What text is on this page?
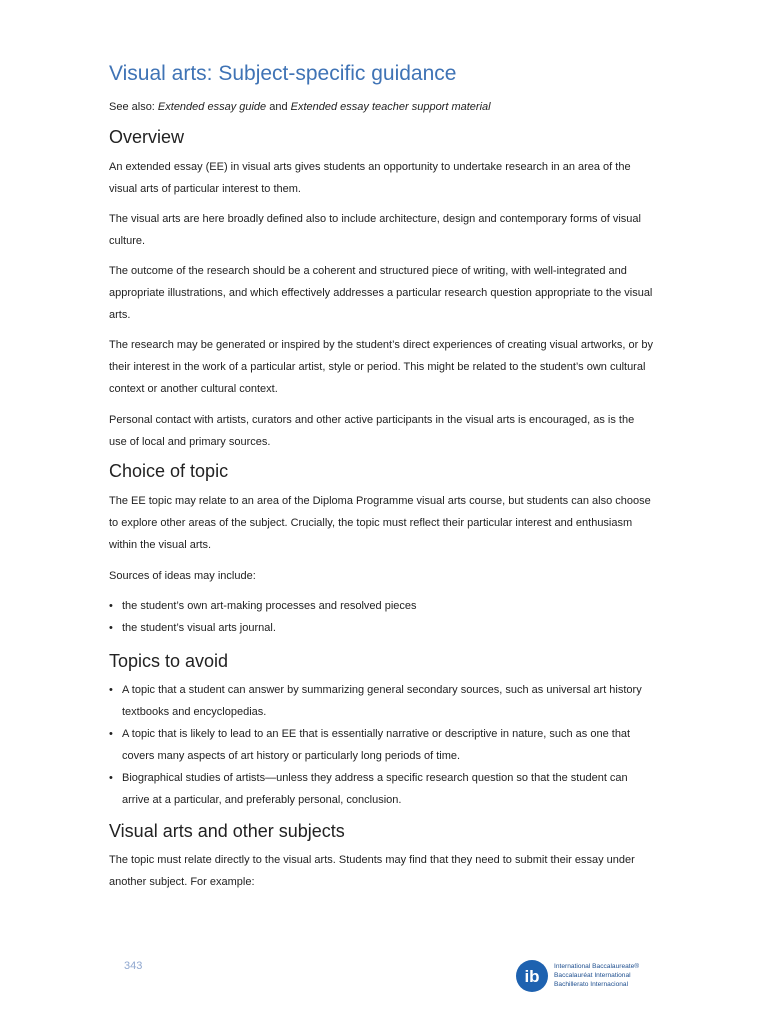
Visual arts: Subject-specific guidance

See also: Extended essay guide and Extended essay teacher support material

Overview

An extended essay (EE) in visual arts gives students an opportunity to undertake research in an area of the visual arts of particular interest to them.

The visual arts are here broadly defined also to include architecture, design and contemporary forms of visual culture.

The outcome of the research should be a coherent and structured piece of writing, with well-integrated and appropriate illustrations, and which effectively addresses a particular research question appropriate to the visual arts.

The research may be generated or inspired by the student’s direct experiences of creating visual artworks, or by their interest in the work of a particular artist, style or period. This might be related to the student’s own cultural context or another cultural context.

Personal contact with artists, curators and other active participants in the visual arts is encouraged, as is the use of local and primary sources.

Choice of topic

The EE topic may relate to an area of the Diploma Programme visual arts course, but students can also choose to explore other areas of the subject. Crucially, the topic must reflect their particular interest and enthusiasm within the visual arts.

Sources of ideas may include:

• the student’s own art-making processes and resolved pieces
• the student’s visual arts journal.
Topics to avoid
• A topic that a student can answer by summarizing general secondary sources, such as universal art history textbooks and encyclopedias.
• A topic that is likely to lead to an EE that is essentially narrative or descriptive in nature, such as one that covers many aspects of art history or particularly long periods of time.
• Biographical studies of artists—unless they address a specific research question so that the student can arrive at a particular, and preferably personal, conclusion.
Visual arts and other subjects

The topic must relate directly to the visual arts. Students may find that they need to submit their essay under another subject. For example:

343
ib
International Baccalaureate®
Baccalauréat International
Bachillerato Internacional
